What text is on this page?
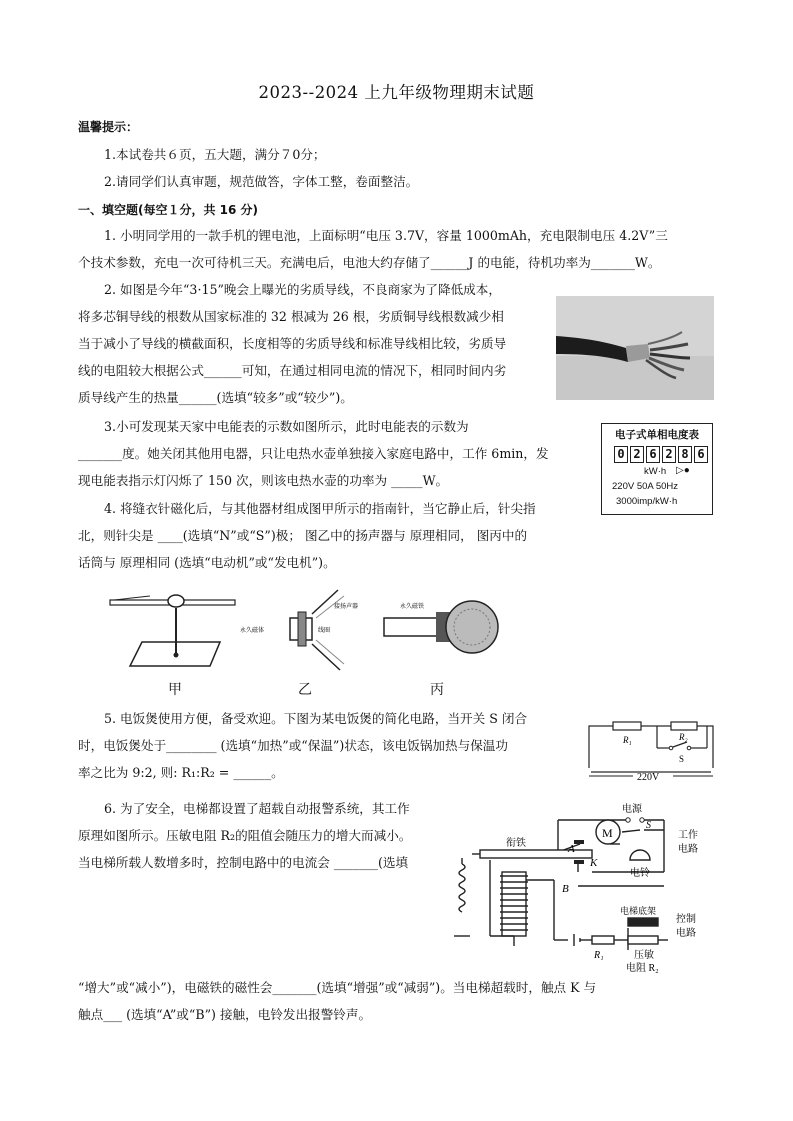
2023--2024 上九年级物理期末试题
温馨提示：
1.本试卷共６页，五大题，满分７0分；
2.请同学们认真审题，规范做答，字体工整，卷面整洁。
一、填空题(每空１分，共 16 分)
1. 小明同学用的一款手机的锂电池，上面标明“电压 3.7V，容量 1000mAh，充电限制电压 4.2V”三
个技术参数，充电一次可待机三天。充满电后，电池大约存储了______J 的电能，待机功率为_______W。
2. 如图是今年“3·15”晚会上曝光的劣质导线，不良商家为了降低成本，
将多芯铜导线的根数从国家标准的 32 根减为 26 根，劣质铜导线根数减少相
当于减小了导线的横截面积，长度相等的劣质导线和标准导线相比较，劣质导
线的电阻较大根据公式______可知，在通过相同电流的情况下，相同时间内劣
质导线产生的热量______(选填“较多”或“较少”)。
3.小可发现某天家中电能表的示数如图所示，此时电能表的示数为
_______度。她关闭其他用电器，只让电热水壶单独接入家庭电路中，工作 6min，发
现电能表指示灯闪烁了 150 次，则该电热水壶的功率为 _____W。
电子式单相电度表
0 2 6 2 8 6
kW·h ▷●
220V 50A 50Hz
3000imp/kW·h
4. 将缝衣针磁化后，与其他器材组成图甲所示的指南针，当它静止后，针尖指
北，则针尖是 ____(选填“N”或“S”)极； 图乙中的扬声器与 原理相同， 图丙中的
话筒与 原理相同 (选填“电动机”或“发电机”)。
永久磁体	线圈
接扬声器	永久磁铁
甲	乙	丙
5. 电饭煲使用方便，备受欢迎。下图为某电饭煲的简化电路，当开关 S 闭合
时，电饭煲处于________ (选填“加热”或“保温”)状态，该电饭锅加热与保温功
率之比为 9:2, 则: R₁:R₂ = ______。
R₁	R₂
S
220V
6. 为了安全，电梯都设置了超载自动报警系统，其工作
原理如图所示。压敏电阻 R₂的阻值会随压力的增大而减小。
当电梯所载人数增多时，控制电路中的电流会 _______(选填
“增大”或“减小”)，电磁铁的磁性会_______(选填“增强”或“减弱”)。当电梯超载时，触点 K 与
触点___ (选填“A”或“B”) 接触，电铃发出报警铃声。
M
电源
S
工作
电路
衔铁	A
K
B
电铃
电梯底架
控制
电路
R₁	压敏
电阻 R₂
